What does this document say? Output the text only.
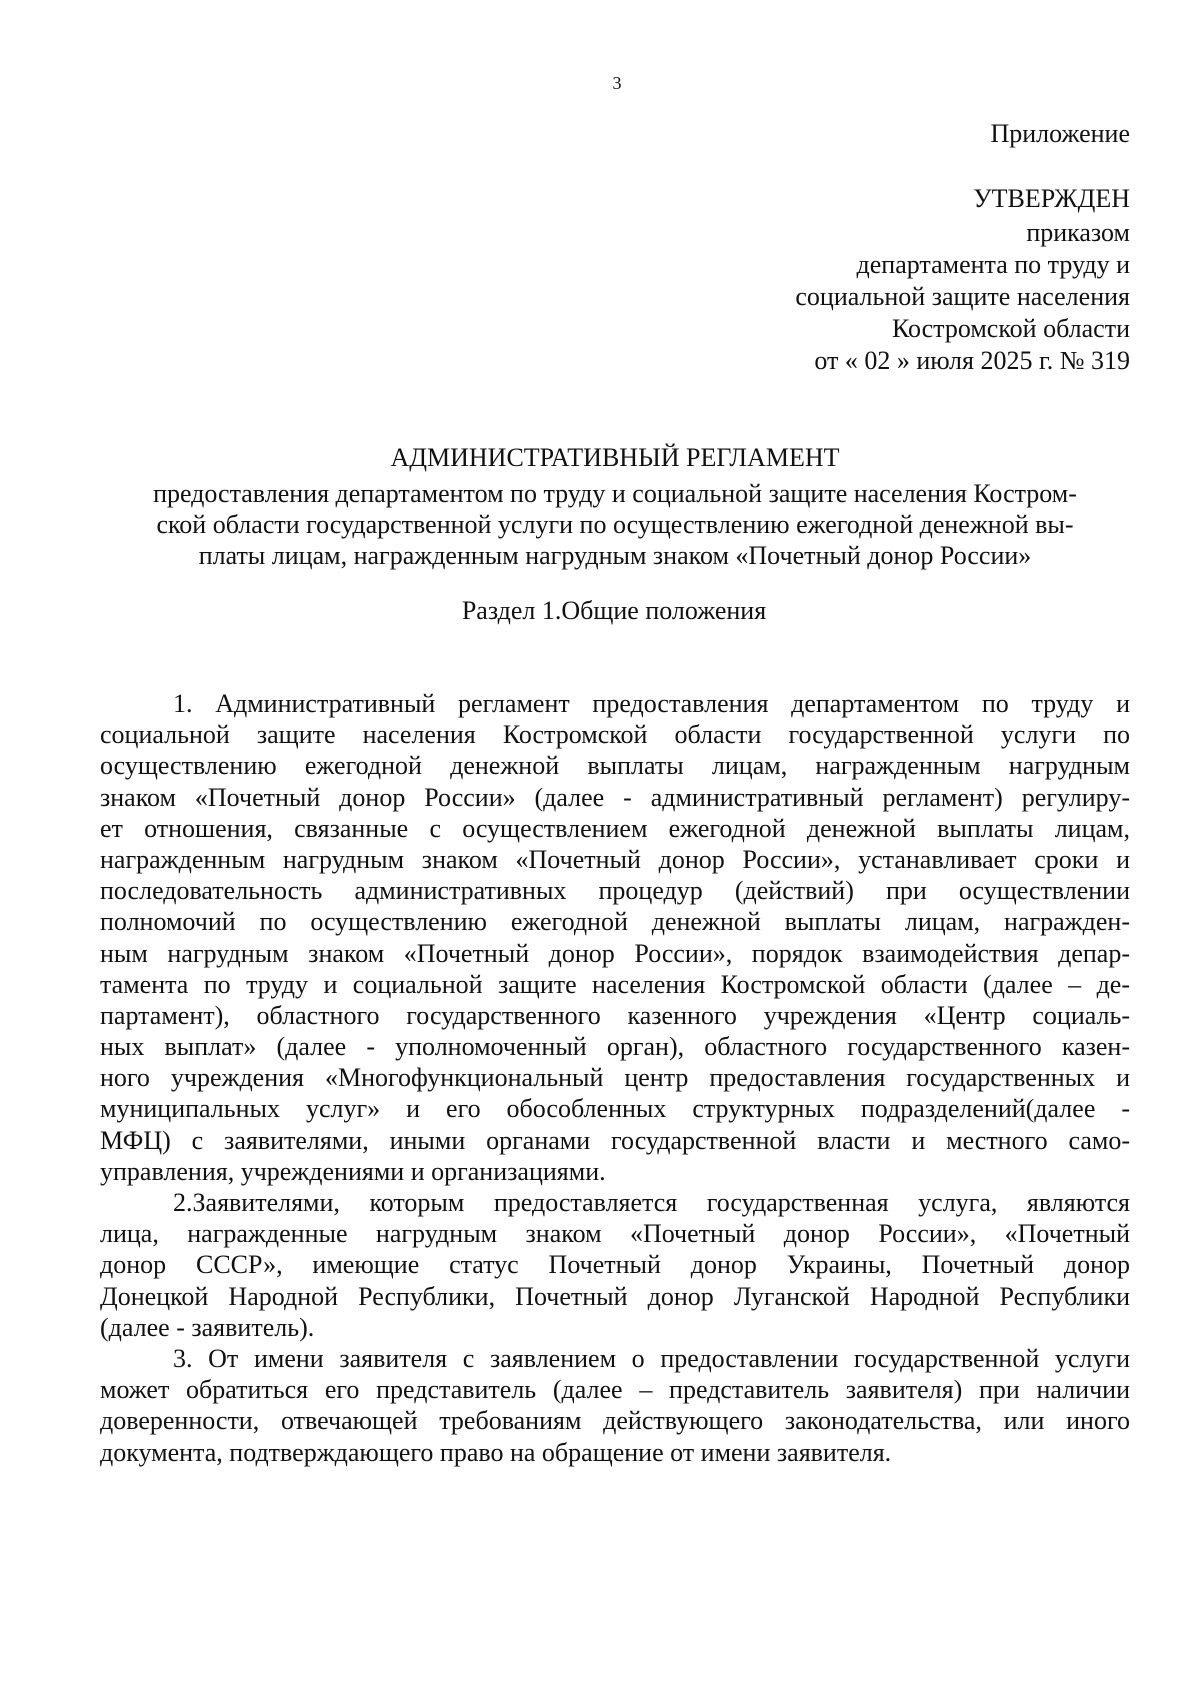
3
Приложение
УТВЕРЖДЕН
приказом
департамента по труду и
социальной защите населения
Костромской области
от « 02 » июля 2025 г. № 319
АДМИНИСТРАТИВНЫЙ РЕГЛАМЕНТ
предоставления департаментом по труду и социальной защите населения Костром-
ской области государственной услуги по осуществлению ежегодной денежной вы-
платы лицам, награжденным нагрудным знаком «Почетный донор России»
Раздел 1.Общие положения
1. Административный регламент предоставления департаментом по труду и
социальной защите населения Костромской области государственной услуги по
осуществлению ежегодной денежной выплаты лицам, награжденным нагрудным
знаком «Почетный донор России» (далее - административный регламент) регулиру-
ет отношения, связанные с осуществлением ежегодной денежной выплаты лицам,
награжденным нагрудным знаком «Почетный донор России», устанавливает сроки и
последовательность административных процедур (действий) при осуществлении
полномочий по осуществлению ежегодной денежной выплаты лицам, награжден-
ным нагрудным знаком «Почетный донор России», порядок взаимодействия депар-
тамента по труду и социальной защите населения Костромской области (далее – де-
партамент), областного государственного казенного учреждения «Центр социаль-
ных выплат» (далее - уполномоченный орган), областного государственного казен-
ного учреждения «Многофункциональный центр предоставления государственных и
муниципальных услуг» и его обособленных структурных подразделений(далее -
МФЦ) с заявителями, иными органами государственной власти и местного само-
управления, учреждениями и организациями.
2.Заявителями, которым предоставляется государственная услуга, являются
лица, награжденные нагрудным знаком «Почетный донор России», «Почетный
донор СССР», имеющие статус Почетный донор Украины, Почетный донор
Донецкой Народной Республики, Почетный донор Луганской Народной Республики
(далее - заявитель).
3. От имени заявителя с заявлением о предоставлении государственной услуги
может обратиться его представитель (далее – представитель заявителя) при наличии
доверенности, отвечающей требованиям действующего законодательства, или иного
документа, подтверждающего право на обращение от имени заявителя.
